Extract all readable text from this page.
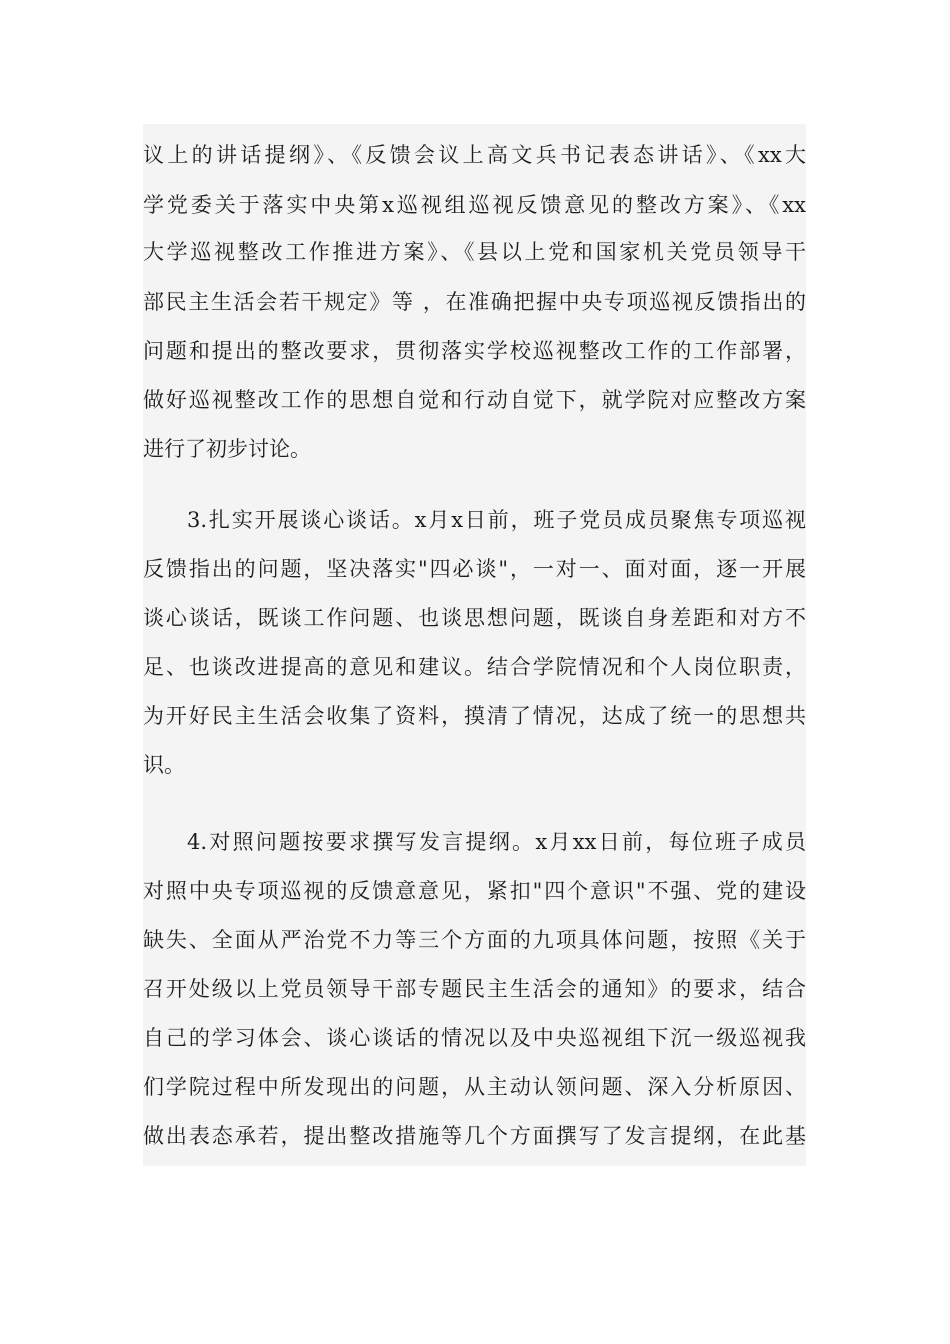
议上的讲话提纲》、《反馈会议上高文兵书记表态讲话》、《xx大
学党委关于落实中央第x巡视组巡视反馈意见的整改方案》、《xx
大学巡视整改工作推进方案》、《县以上党和国家机关党员领导干
部民主生活会若干规定》等 ，在准确把握中央专项巡视反馈指出的
问题和提出的整改要求，贯彻落实学校巡视整改工作的工作部署，
做好巡视整改工作的思想自觉和行动自觉下，就学院对应整改方案
进行了初步讨论。
3.扎实开展谈心谈话。x月x日前，班子党员成员聚焦专项巡视
反馈指出的问题，坚决落实"四必谈"，一对一、面对面，逐一开展
谈心谈话，既谈工作问题、也谈思想问题，既谈自身差距和对方不
足、也谈改进提高的意见和建议。结合学院情况和个人岗位职责，
为开好民主生活会收集了资料，摸清了情况，达成了统一的思想共
识。
4.对照问题按要求撰写发言提纲。x月xx日前，每位班子成员
对照中央专项巡视的反馈意意见，紧扣"四个意识"不强、党的建设
缺失、全面从严治党不力等三个方面的九项具体问题，按照《关于
召开处级以上党员领导干部专题民主生活会的通知》的要求，结合
自己的学习体会、谈心谈话的情况以及中央巡视组下沉一级巡视我
们学院过程中所发现出的问题，从主动认领问题、深入分析原因、
做出表态承若，提出整改措施等几个方面撰写了发言提纲，在此基
